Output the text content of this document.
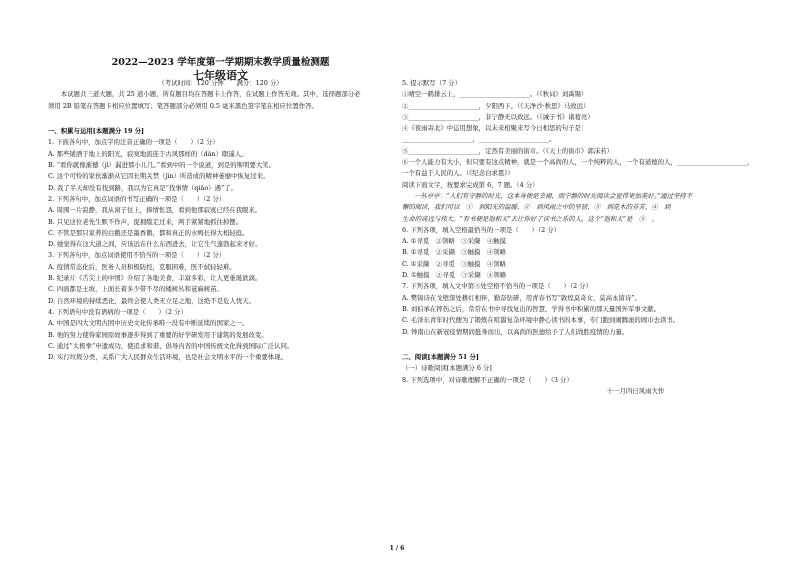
2022—2023 学年度第一学期期末教学质量检测题
七年级语文
（考试时间：120 分钟　　满分：120 分）
　　本试题共三道大题，共 25 道小题，所有题目均在答题卡上作答，在试题上作答无效。其中，选择题部分必
须用 2B 铅笔在答题卡相应位置填写；笔答题部分必须用 0.5 毫米黑色签字笔在相应位置作答。
一、积累与运用[本题满分 19 分]
1. 下面各句中，加点字的注音正确的一项是（　　）（2 分）
A. 那些铺洒于地上的阳光，寂寞地流连于古风那样的（dàn）瞑遥人。
B. “看你就像渐撼（jì）漏进那小儿几。”看到中的一个说道，到是的斯明要大笑。
C. 这个可怜的家伙渐渐从它因长期关禁（jìn）所造成的精神萎靡中恢复过来。
D. 我了半天却没有找到路，我以为它真是“找事情（qiǎo）遇”了。
2. 下列各句中，加点词语的书写正确的一项是（　　）（2 分）
A. 周围一片寂静，我从窗子往上，捧情怅怨，看到他那寂寞已经在我眼来。
B. 只见这位老先生默不作声，捉拥缆走过来，两手紧紧地抓住掉摆。
C. 不管是那只家养的白鹅还是墨香鹅，都和真正的水鸭长得大相轻庭。
D. 她觉得在这大道之间，应该远在什么东西进去，让它生气蓬勃起来才好。
3. 下列各句中，加点词语使用不恰当的一项是（　　）（2 分）
A. 疫情常态化后，医务人员积极防控，克服困难，医不拭轻轻难。
B. 纪录片《舌尖上的中国》介绍了各地美食，丰富多彩，让人更垂涎欲滴。
C. 四面都是土坡，上面长着多少带不尽的矮树丛和蓑麻树苗。
D. 自然环境的持续恶化，最终会使人类无立足之地，这绝不是危人忧天。
4. 下列语句中没有语病的一项是（　　）（2 分）
A. 中国是四大文明古国中历史文化传承唯一没有中断延续的国家之一。
B. 他的努力使得家园原故事逐步得到了重要的好学研发用于建筑的发展改变。
C. 通过“太极拳”申遗成功，使追求和谐、倡导内省的中国传统文化得到国际广泛认同。
D. 实行垃圾分类，关系广大人民群众生活环境，也是社会文明水平的一个重要体现。
5. 提示默写（7 分）
①晴空一鹤排云上，______________________。（《秋词》刘禹锡）
②______________________，夕阳西下。（《天净沙·秋思》马致远）
③______________________，非宁静无以致远。（《诫子书》诸葛亮）
④《夜雨寄北》中运用想象，以未来相聚来写今日相思的句子是：
______________________，______________________。
⑤______________________，定然有美丽的街市。（《天上的街市》郭沫若）
⑥一个人能力有大小，但只要有这点精神，就是一个高尚的人，一个纯粹的人，一个有道德的人，______________________，
一个有益于人民的人。（《纪念白求恩》）
阅读下面文字，按要求完成第 6、7 题。（4 分）
一丛亭亭：“人们有守静的时光，这本身便是幸福，而宁静的时光阅读会显得更加美好。”通过坚持不
懈的阅读，我们可以　①　到阳光的温暖、②　到风雨之中的坚韧，③　到花木的芬芳，④　到
生命的高远与伟大。“有书便是饱和天”去让你好了读书之乐的人，这个“饱和天”是　⑤　。
6. 下列各项，填入空格最恰当的一项是（　　）（2 分）
A. ①寻觅　②领略　③采撷　④触摸
B. ①寻觅　②采撷　③触摸　④领略
C. ①采撷　②寻觅　③触摸　④领略
D. ①触摸　②寻觅　③采撷　④领略
7. 下列各项，填入文中第⑤处空格不恰当的一项是（　　）（2 分）
A. 樊锦诗在戈壁深处耕灯相伴，勤奋钻研，用青春书写“敦煌莫奇女，莫高永留诗”。
B. 刘伯承在摔伤之后，常常在书中寻找复出的智慧，学得书中积累的那天量国外军事文献。
C. 毛泽东青年时代便为了锻炼在喧嚣复杂环境中静心读书的本事，专门跑到闹腾滚的闹市去读书。
D. 钟南山在新冠疫情期间挺身而出，以高尚的医德给予了人们战胜疫情的力量。
二、阅读[本题满分 51 分]
（一）诗歌阅读[本题满分 6 分]
8. 下列选项中，对诗歌理解不正确的一项是（　　）（3 分）
　　　　　　　　　　　　　　　　　　十一月四日风雨大作
1 / 6
